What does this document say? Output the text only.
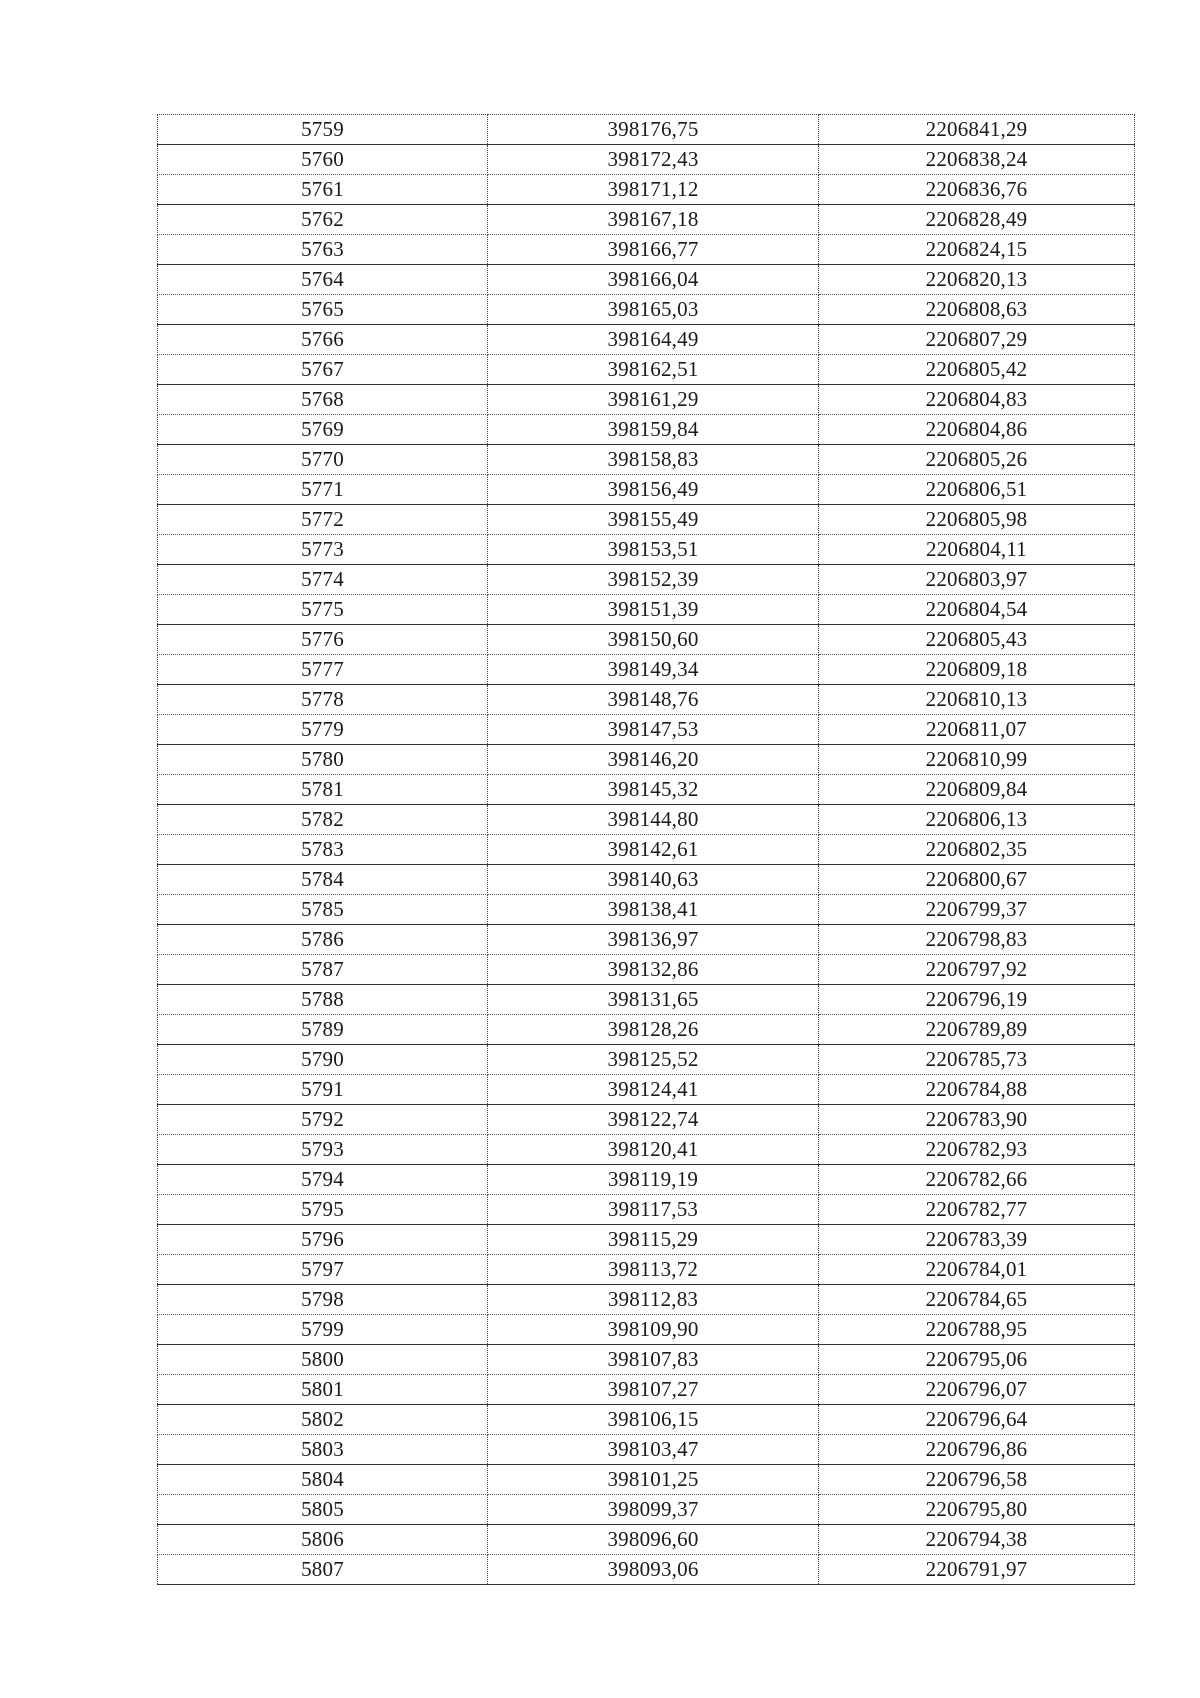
5759	398176,75	2206841,29
5760	398172,43	2206838,24
5761	398171,12	2206836,76
5762	398167,18	2206828,49
5763	398166,77	2206824,15
5764	398166,04	2206820,13
5765	398165,03	2206808,63
5766	398164,49	2206807,29
5767	398162,51	2206805,42
5768	398161,29	2206804,83
5769	398159,84	2206804,86
5770	398158,83	2206805,26
5771	398156,49	2206806,51
5772	398155,49	2206805,98
5773	398153,51	2206804,11
5774	398152,39	2206803,97
5775	398151,39	2206804,54
5776	398150,60	2206805,43
5777	398149,34	2206809,18
5778	398148,76	2206810,13
5779	398147,53	2206811,07
5780	398146,20	2206810,99
5781	398145,32	2206809,84
5782	398144,80	2206806,13
5783	398142,61	2206802,35
5784	398140,63	2206800,67
5785	398138,41	2206799,37
5786	398136,97	2206798,83
5787	398132,86	2206797,92
5788	398131,65	2206796,19
5789	398128,26	2206789,89
5790	398125,52	2206785,73
5791	398124,41	2206784,88
5792	398122,74	2206783,90
5793	398120,41	2206782,93
5794	398119,19	2206782,66
5795	398117,53	2206782,77
5796	398115,29	2206783,39
5797	398113,72	2206784,01
5798	398112,83	2206784,65
5799	398109,90	2206788,95
5800	398107,83	2206795,06
5801	398107,27	2206796,07
5802	398106,15	2206796,64
5803	398103,47	2206796,86
5804	398101,25	2206796,58
5805	398099,37	2206795,80
5806	398096,60	2206794,38
5807	398093,06	2206791,97
